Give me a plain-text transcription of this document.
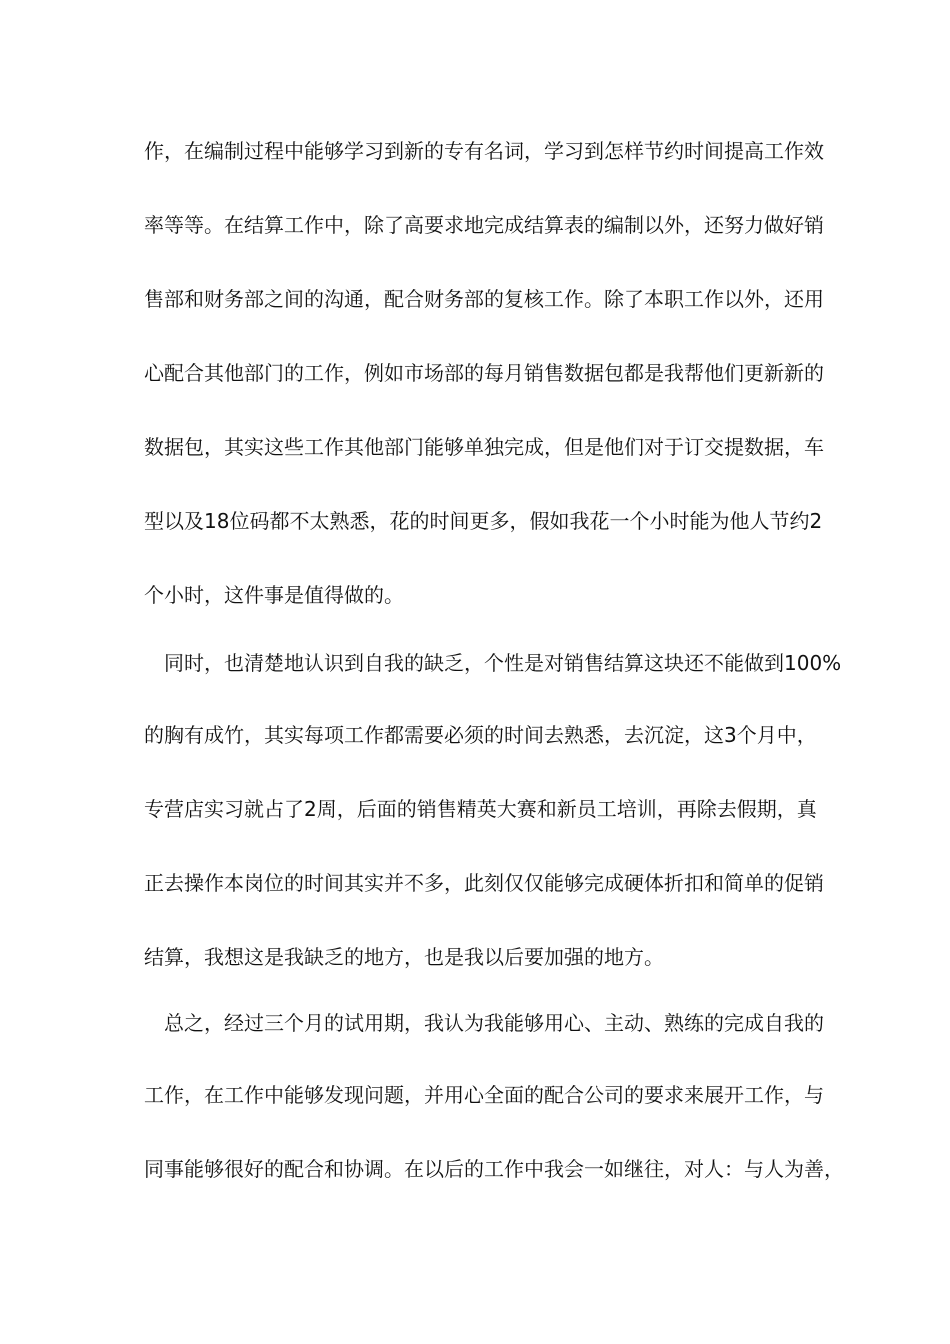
作，在编制过程中能够学习到新的专有名词，学习到怎样节约时间提高工作效
率等等。在结算工作中，除了高要求地完成结算表的编制以外，还努力做好销
售部和财务部之间的沟通，配合财务部的复核工作。除了本职工作以外，还用
心配合其他部门的工作，例如市场部的每月销售数据包都是我帮他们更新新的
数据包，其实这些工作其他部门能够单独完成，但是他们对于订交提数据，车
型以及18位码都不太熟悉，花的时间更多，假如我花一个小时能为他人节约2
个小时，这件事是值得做的。
　同时，也清楚地认识到自我的缺乏，个性是对销售结算这块还不能做到100%
的胸有成竹，其实每项工作都需要必须的时间去熟悉，去沉淀，这3个月中，
专营店实习就占了2周，后面的销售精英大赛和新员工培训，再除去假期，真
正去操作本岗位的时间其实并不多，此刻仅仅能够完成硬体折扣和简单的促销
结算，我想这是我缺乏的地方，也是我以后要加强的地方。
　总之，经过三个月的试用期，我认为我能够用心、主动、熟练的完成自我的
工作，在工作中能够发现问题，并用心全面的配合公司的要求来展开工作，与
同事能够很好的配合和协调。在以后的工作中我会一如继往，对人：与人为善，
